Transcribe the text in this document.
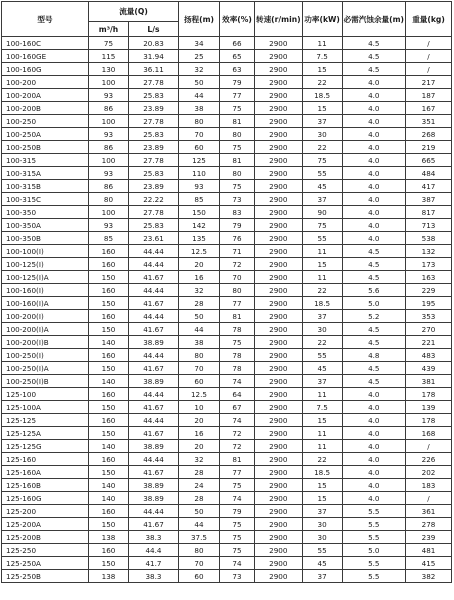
型号	流量(Q)		扬程(m)	效率(%)	转速(r/min)	功率(kW)	必需汽蚀余量(m)	重量(kg)
	m³/h	L/s						
100-160C	75	20.83	34	66	2900	11	4.5	/
100-160GE	115	31.94	25	65	2900	7.5	4.5	/
100-160G	130	36.11	32	63	2900	15	4.5	/
100-200	100	27.78	50	79	2900	22	4.0	217
100-200A	93	25.83	44	77	2900	18.5	4.0	187
100-200B	86	23.89	38	75	2900	15	4.0	167
100-250	100	27.78	80	81	2900	37	4.0	351
100-250A	93	25.83	70	80	2900	30	4.0	268
100-250B	86	23.89	60	75	2900	22	4.0	219
100-315	100	27.78	125	81	2900	75	4.0	665
100-315A	93	25.83	110	80	2900	55	4.0	484
100-315B	86	23.89	93	75	2900	45	4.0	417
100-315C	80	22.22	85	73	2900	37	4.0	387
100-350	100	27.78	150	83	2900	90	4.0	817
100-350A	93	25.83	142	79	2900	75	4.0	713
100-350B	85	23.61	135	76	2900	55	4.0	538
100-100(I)	160	44.44	12.5	71	2900	11	4.5	132
100-125(I)	160	44.44	20	72	2900	15	4.5	173
100-125(I)A	150	41.67	16	70	2900	11	4.5	163
100-160(I)	160	44.44	32	80	2900	22	5.6	229
100-160(I)A	150	41.67	28	77	2900	18.5	5.0	195
100-200(I)	160	44.44	50	81	2900	37	5.2	353
100-200(I)A	150	41.67	44	78	2900	30	4.5	270
100-200(I)B	140	38.89	38	75	2900	22	4.5	221
100-250(I)	160	44.44	80	78	2900	55	4.8	483
100-250(I)A	150	41.67	70	78	2900	45	4.5	439
100-250(I)B	140	38.89	60	74	2900	37	4.5	381
125-100	160	44.44	12.5	64	2900	11	4.0	178
125-100A	150	41.67	10	67	2900	7.5	4.0	139
125-125	160	44.44	20	74	2900	15	4.0	178
125-125A	150	41.67	16	72	2900	11	4.0	168
125-125G	140	38.89	20	72	2900	11	4.0	/
125-160	160	44.44	32	81	2900	22	4.0	226
125-160A	150	41.67	28	77	2900	18.5	4.0	202
125-160B	140	38.89	24	75	2900	15	4.0	183
125-160G	140	38.89	28	74	2900	15	4.0	/
125-200	160	44.44	50	79	2900	37	5.5	361
125-200A	150	41.67	44	75	2900	30	5.5	278
125-200B	138	38.3	37.5	75	2900	30	5.5	239
125-250	160	44.4	80	75	2900	55	5.0	481
125-250A	150	41.7	70	74	2900	45	5.5	415
125-250B	138	38.3	60	73	2900	37	5.5	382
